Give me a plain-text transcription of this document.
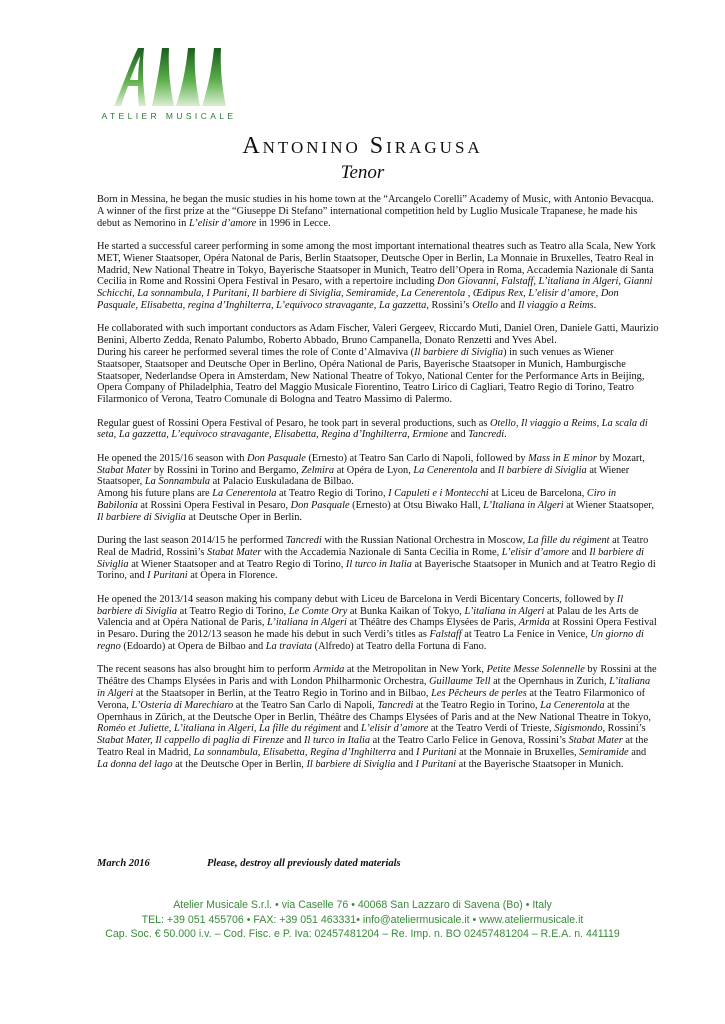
ATELIER MUSICALE
Antonino Siragusa
Tenor

Born in Messina, he began the music studies in his home town at the “Arcangelo Corelli” Academy of Music, with Antonio Bevacqua. A winner of the first prize at the “Giuseppe Di Stefano” international competition held by Luglio Musicale Trapanese, he made his debut as Nemorino in L’elisir d’amore in 1996 in Lecce.

He started a successful career performing in some among the most important international theatres such as Teatro alla Scala, New York MET, Wiener Staatsoper, Opéra Natonal de Paris, Berlin Staatsoper, Deutsche Oper in Berlin, La Monnaie in Bruxelles, Teatro Real in Madrid, New National Theatre in Tokyo, Bayerische Staatsoper in Munich, Teatro dell’Opera in Roma, Accademia Nazionale di Santa Cecilia in Rome and Rossini Opera Festival in Pesaro, with a repertoire including Don Giovanni, Falstaff, L’italiana in Algeri, Gianni Schicchi, La sonnambula, I Puritani, Il barbiere di Siviglia, Semiramide, La Cenerentola , Œdipus Rex, L’elisir d’amore, Don Pasquale, Elisabetta, regina d’Inghilterra, L’equivoco stravagante, La gazzetta, Rossini’s Otello and Il viaggio a Reims.

He collaborated with such important conductors as Adam Fischer, Valeri Gergeev, Riccardo Muti, Daniel Oren, Daniele Gatti, Maurizio Benini, Alberto Zedda, Renato Palumbo, Roberto Abbado, Bruno Campanella, Donato Renzetti and Yves Abel.

During his career he performed several times the role of Conte d’Almaviva (Il barbiere di Siviglia) in such venues as Wiener Staatsoper, Staatsoper and Deutsche Oper in Berlino, Opéra National de Paris, Bayerische Staatsoper in Munich, Hamburgische Staatsoper, Nederlandse Opera in Amsterdam, New National Theatre of Tokyo, National Center for the Performance Arts in Beijing, Opera Company of Philadelphia, Teatro del Maggio Musicale Fiorentino, Teatro Lirico di Cagliari, Teatro Regio di Torino, Teatro Filarmonico of Verona, Teatro Comunale di Bologna and Teatro Massimo di Palermo.

Regular guest of Rossini Opera Festival of Pesaro, he took part in several productions, such as Otello, Il viaggio a Reims, La scala di seta, La gazzetta, L’equivoco stravagante, Elisabetta, Regina d’Inghilterra, Ermione and Tancredi.

He opened the 2015/16 season with Don Pasquale (Ernesto) at Teatro San Carlo di Napoli, followed by Mass in E minor by Mozart, Stabat Mater by Rossini in Torino and Bergamo, Zelmira at Opéra de Lyon, La Cenerentola and Il barbiere di Siviglia at Wiener Staatsoper, La Sonnambula at Palacio Euskuladana de Bilbao.

Among his future plans are La Cenerentola at Teatro Regio di Torino, I Capuleti e i Montecchi at Liceu de Barcelona, Ciro in Babilonia at Rossini Opera Festival in Pesaro, Don Pasquale (Ernesto) at Otsu Biwako Hall, L’Italiana in Algeri at Wiener Staatsoper, Il barbiere di Siviglia at Deutsche Oper in Berlin.

During the last season 2014/15 he performed Tancredi with the Russian National Orchestra in Moscow, La fille du régiment at Teatro Real de Madrid, Rossini’s Stabat Mater with the Accademia Nazionale di Santa Cecilia in Rome, L’elisir d’amore and Il barbiere di Siviglia at Wiener Staatsoper and at Teatro Regio di Torino, Il turco in Italia at Bayerische Staatsoper in Munich and at Teatro Regio di Torino, and I Puritani at Opera in Florence.

He opened the 2013/14 season making his company debut with Liceu de Barcelona in Verdi Bicentary Concerts, followed by Il barbiere di Siviglia at Teatro Regio di Torino, Le Comte Ory at Bunka Kaikan of Tokyo, L’italiana in Algeri at Palau de les Arts de Valencia and at Opéra National de Paris, L’italiana in Algeri at Théâtre des Champs Elysées de Paris, Armida at Rossini Opera Festival in Pesaro. During the 2012/13 season he made his debut in such Verdi’s titles as Falstaff at Teatro La Fenice in Venice, Un giorno di regno (Edoardo) at Opera de Bilbao and La traviata (Alfredo) at Teatro della Fortuna di Fano.

The recent seasons has also brought him to perform Armida at the Metropolitan in New York, Petite Messe Solennelle by Rossini at the Théâtre des Champs Elysées in Paris and with London Philharmonic Orchestra, Guillaume Tell at the Opernhaus in Zurich, L’italiana in Algeri at the Staatsoper in Berlin, at the Teatro Regio in Torino and in Bilbao, Les Pêcheurs de perles at the Teatro Filarmonico of Verona, L’Osteria di Marechiaro at the Teatro San Carlo di Napoli, Tancredi at the Teatro Regio in Torino, La Cenerentola at the Opernhaus in Zürich, at the Deutsche Oper in Berlin, Théâtre des Champs Elysées of Paris and at the New National Theatre in Tokyo, Roméo et Juliette, L’italiana in Algeri, La fille du régiment and L’elisir d’amore at the Teatro Verdi of Trieste, Sigismondo, Rossini’s Stabat Mater, Il cappello di paglia di Firenze and Il turco in Italia at the Teatro Carlo Felice in Genova, Rossini’s Stabat Mater at the Teatro Real in Madrid, La sonnambula, Elisabetta, Regina d’Inghilterra and I Puritani at the Monnaie in Bruxelles, Semiramide and La donna del lago at the Deutsche Oper in Berlin, Il barbiere di Siviglia and I Puritani at the Bayerische Staatsoper in Munich.

March 2016	Please, destroy all previously dated materials
Atelier Musicale S.r.l. • via Caselle 76 • 40068 San Lazzaro di Savena (Bo) • Italy
TEL: +39 051 455706 • FAX: +39 051 463331• info@ateliermusicale.it • www.ateliermusicale.it
Cap. Soc. € 50.000 i.v. – Cod. Fisc. e P. Iva: 02457481204 – Re. Imp. n. BO 02457481204 – R.E.A. n. 441119
